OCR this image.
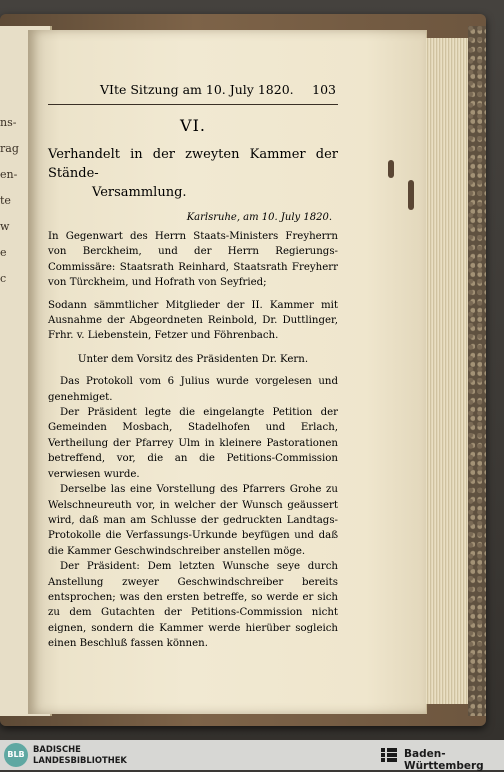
ns-
rag
en-
te
w
e
c
VIte Sitzung am 10. July 1820. 103
VI.
Verhandelt in der zweyten Kammer der Stände-
Versammlung.
Karlsruhe, am 10. July 1820.

In Gegenwart des Herrn Staats-Ministers Freyherrn von Berckheim, und der Herrn Regierungs-Commissäre: Staatsrath Reinhard, Staatsrath Freyherr von Türckheim, und Hofrath von Seyfried;

Sodann sämmtlicher Mitglieder der II. Kammer mit Ausnahme der Abgeordneten Reinbold, Dr. Duttlinger, Frhr. v. Liebenstein, Fetzer und Föhrenbach.

Unter dem Vorsitz des Präsidenten Dr. Kern.

Das Protokoll vom 6 Julius wurde vorgelesen und genehmiget.

Der Präsident legte die eingelangte Petition der Gemeinden Mosbach, Stadelhofen und Erlach, Vertheilung der Pfarrey Ulm in kleinere Pastorationen betreffend, vor, die an die Petitions-Commission verwiesen wurde.

Derselbe las eine Vorstellung des Pfarrers Grohe zu Welschneureuth vor, in welcher der Wunsch geäussert wird, daß man am Schlusse der gedruckten Landtags-Protokolle die Verfassungs-Urkunde beyfügen und daß die Kammer Geschwindschreiber anstellen möge.

Der Präsident: Dem letzten Wunsche seye durch Anstellung zweyer Geschwindschreiber bereits entsprochen; was den ersten betreffe, so werde er sich zu dem Gutachten der Petitions-Commission nicht eignen, sondern die Kammer werde hierüber sogleich einen Beschluß fassen können.

BLB
BADISCHE
LANDESBIBLIOTHEK	Baden-Württemberg
